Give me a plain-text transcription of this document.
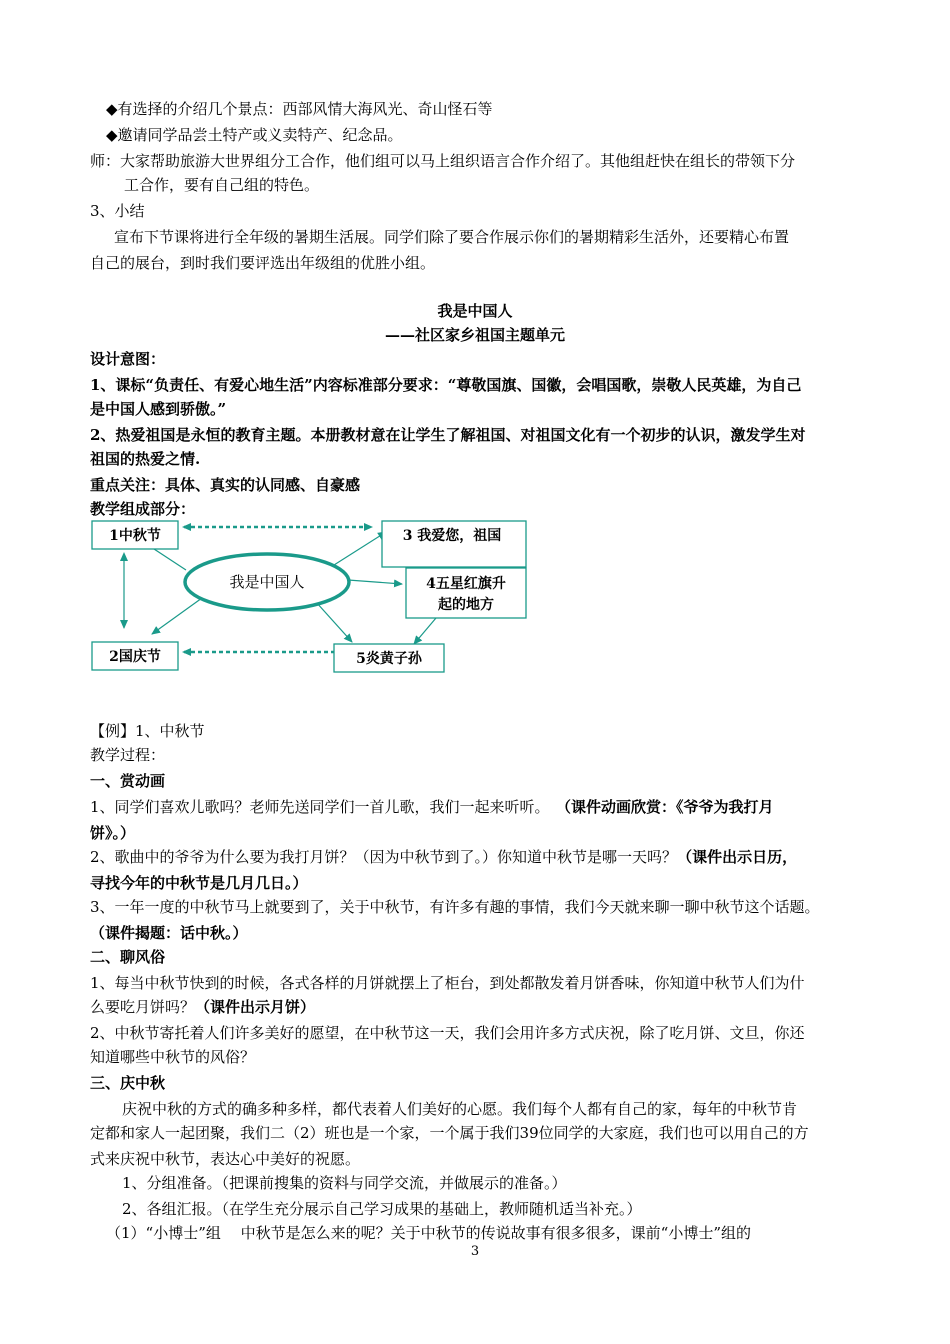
◆有选择的介绍几个景点：西部风情大海风光、奇山怪石等
◆邀请同学品尝土特产或义卖特产、纪念品。
师：大家帮助旅游大世界组分工合作，他们组可以马上组织语言合作介绍了。其他组赶快在组长的带领下分
工合作，要有自己组的特色。
3、小结
宣布下节课将进行全年级的暑期生活展。同学们除了要合作展示你们的暑期精彩生活外，还要精心布置
自己的展台，到时我们要评选出年级组的优胜小组。
我是中国人
——社区家乡祖国主题单元
设计意图：
1、课标“负责任、有爱心地生活”内容标准部分要求：“尊敬国旗、国徽，会唱国歌，崇敬人民英雄，为自己
是中国人感到骄傲。”
2、热爱祖国是永恒的教育主题。本册教材意在让学生了解祖国、对祖国文化有一个初步的认识，激发学生对
祖国的热爱之情.
重点关注：具体、真实的认同感、自豪感
教学组成部分：
我是中国人
1中秋节
2国庆节
3 我爱您，祖国
4五星红旗升
起的地方
5炎黄子孙
【例】1、中秋节
教学过程：
一、赏动画
1、同学们喜欢儿歌吗？老师先送同学们一首儿歌，我们一起来听听。 （课件动画欣赏：《爷爷为我打月
饼》。）
2、歌曲中的爷爷为什么要为我打月饼？（因为中秋节到了。）你知道中秋节是哪一天吗？（课件出示日历，
寻找今年的中秋节是几月几日。）
3、一年一度的中秋节马上就要到了，关于中秋节，有许多有趣的事情，我们今天就来聊一聊中秋节这个话题。
（课件揭题：话中秋。）
二、聊风俗
1、每当中秋节快到的时候，各式各样的月饼就摆上了柜台，到处都散发着月饼香味，你知道中秋节人们为什
么要吃月饼吗？（课件出示月饼）
2、中秋节寄托着人们许多美好的愿望，在中秋节这一天，我们会用许多方式庆祝，除了吃月饼、文旦，你还
知道哪些中秋节的风俗？
三、庆中秋
庆祝中秋的方式的确多种多样，都代表着人们美好的心愿。我们每个人都有自己的家，每年的中秋节肯
定都和家人一起团聚，我们二（2）班也是一个家，一个属于我们39位同学的大家庭，我们也可以用自己的方
式来庆祝中秋节，表达心中美好的祝愿。
1、分组准备。（把课前搜集的资料与同学交流，并做展示的准备。）
2、各组汇报。（在学生充分展示自己学习成果的基础上，教师随机适当补充。）
（1）“小博士”组　 中秋节是怎么来的呢？关于中秋节的传说故事有很多很多，课前“小博士”组的
3
